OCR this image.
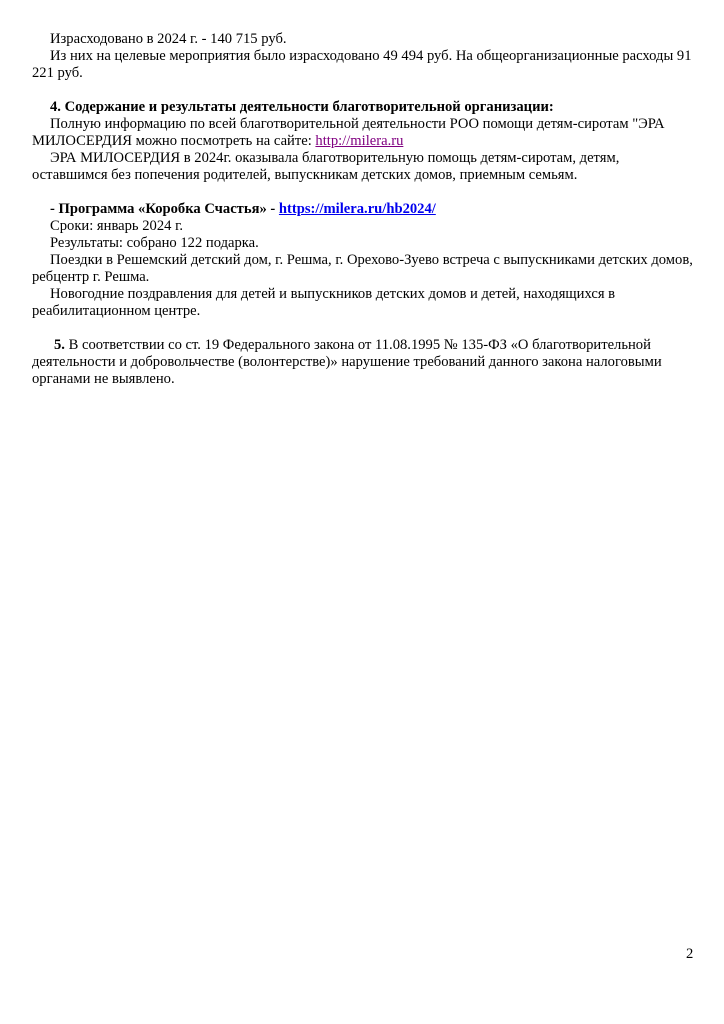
Израсходовано в 2024 г. - 140 715 руб.

Из них на целевые мероприятия было израсходовано 49 494 руб. На общеорганизационные расходы 91 221 руб.

4. Содержание и результаты деятельности благотворительной организации:

Полную информацию по всей благотворительной деятельности РОО помощи детям-сиротам "ЭРА МИЛОСЕРДИЯ можно посмотреть на сайте: http://milera.ru

ЭРА МИЛОСЕРДИЯ в 2024г. оказывала благотворительную помощь детям-сиротам, детям, оставшимся без попечения родителей, выпускникам детских домов, приемным семьям.

- Программа «Коробка Счастья» - https://milera.ru/hb2024/

Сроки: январь 2024 г.

Результаты: собрано 122 подарка.

Поездки в Решемский детский дом, г. Решма, г. Орехово-Зуево встреча с выпускниками детских домов, ребцентр г. Решма.

Новогодние поздравления для детей и выпускников детских домов и детей, находящихся в реабилитационном центре.

5. В соответствии со ст. 19 Федерального закона от 11.08.1995 № 135-ФЗ «О благотворительной деятельности и добровольчестве (волонтерстве)» нарушение требований данного закона налоговыми органами не выявлено.

2
